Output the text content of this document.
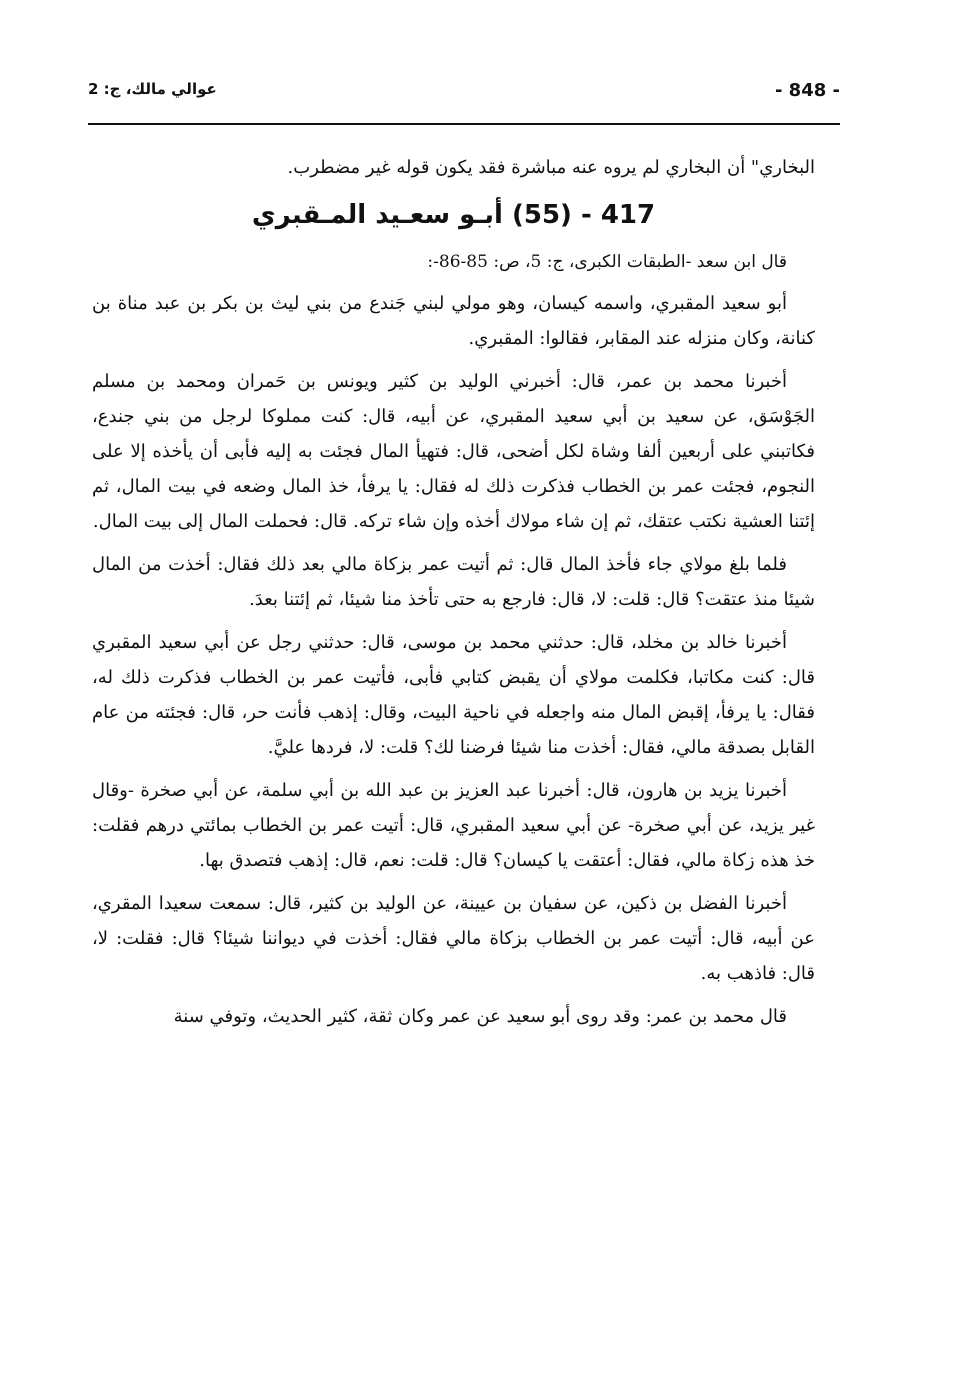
- 848 -
عوالي مالك، ج: 2

البخاري" أن البخاري لم يروه عنه مباشرة فقد يكون قوله غير مضطرب.

417 - (55) أبـو سعـيد المـقبري

قال ابن سعد -الطبقات الكبرى، ج: 5، ص: 85-86-:

أبو سعيد المقبري، واسمه كيسان، وهو مولي لبني جَندع من بني ليث بن بكر بن عبد مناة بن كنانة، وكان منزله عند المقابر، فقالوا: المقبري.

أخبرنا محمد بن عمر، قال: أخبرني الوليد بن كثير ويونس بن حَمران ومحمد بن مسلم الجَوْسَق، عن سعيد بن أبي سعيد المقبري، عن أبيه، قال: كنت مملوكا لرجل من بني جندع، فكاتبني على أربعين ألفا وشاة لكل أضحى، قال: فتهيأ المال فجئت به إليه فأبى أن يأخذه إلا على النجوم، فجئت عمر بن الخطاب فذكرت ذلك له فقال: يا يرفأ، خذ المال وضعه في بيت المال، ثم إئتنا العشية نكتب عتقك، ثم إن شاء مولاك أخذه وإن شاء تركه. قال: فحملت المال إلى بيت المال.

فلما بلغ مولاي جاء فأخذ المال قال: ثم أتيت عمر بزكاة مالي بعد ذلك فقال: أخذت من المال شيئا منذ عتقت؟ قال: قلت: لا، قال: فارجع به حتى تأخذ منا شيئا، ثم إئتنا بعدَ.

أخبرنا خالد بن مخلد، قال: حدثني محمد بن موسى، قال: حدثني رجل عن أبي سعيد المقبري قال: كنت مكاتبا، فكلمت مولاي أن يقبض كتابي فأبى، فأتيت عمر بن الخطاب فذكرت ذلك له، فقال: يا يرفأ، إقبض المال منه واجعله في ناحية البيت، وقال: إذهب فأنت حر، قال: فجئته من عام القابل بصدقة مالي، فقال: أخذت منا شيئا فرضنا لك؟ قلت: لا، فردها عليَّ.

أخبرنا يزيد بن هارون، قال: أخبرنا عبد العزيز بن عبد الله بن أبي سلمة، عن أبي صخرة -وقال غير يزيد، عن أبي صخرة- عن أبي سعيد المقبري، قال: أتيت عمر بن الخطاب بمائتي درهم فقلت: خذ هذه زكاة مالي، فقال: أعتقت يا كيسان؟ قال: قلت: نعم، قال: إذهب فتصدق بها.

أخبرنا الفضل بن ذكين، عن سفيان بن عيينة، عن الوليد بن كثير، قال: سمعت سعيدا المقري، عن أبيه، قال: أتيت عمر بن الخطاب بزكاة مالي فقال: أخذت في ديواننا شيئا؟ قال: فقلت: لا، قال: فاذهب به.

قال محمد بن عمر: وقد روى أبو سعيد عن عمر وكان ثقة، كثير الحديث، وتوفي سنة
